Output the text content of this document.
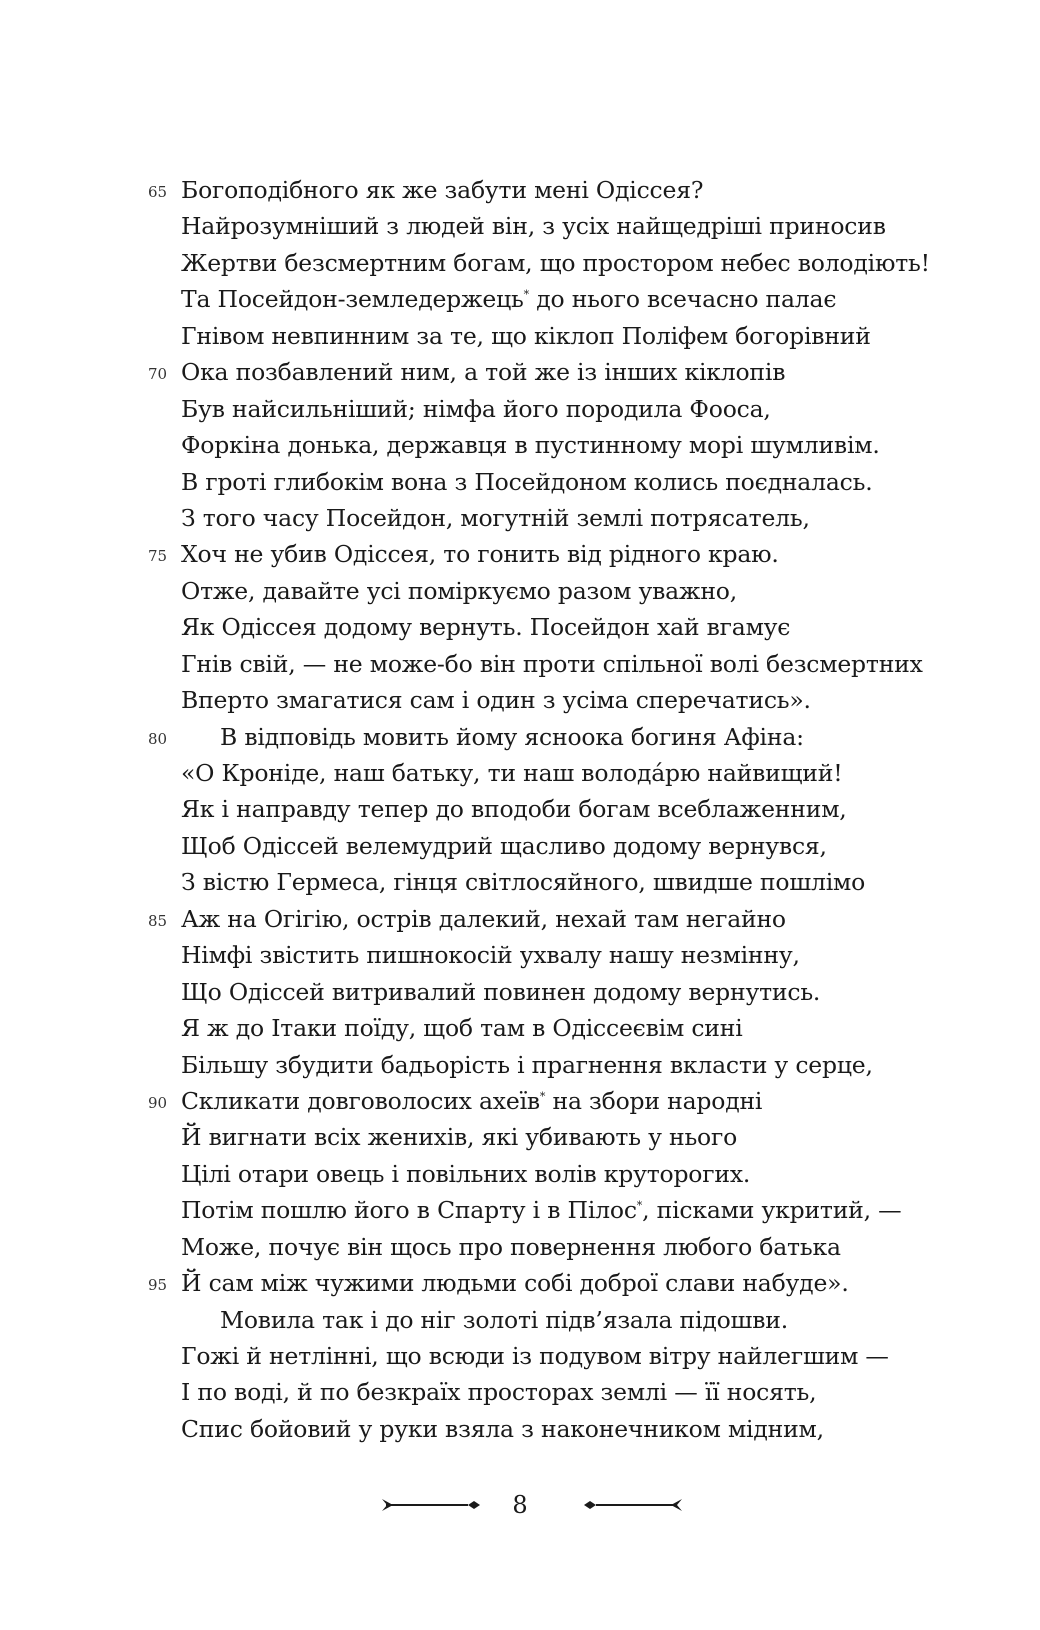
65 Богоподібного як же забути мені Одіссея?
Найрозумніший з людей він, з усіх найщедріші приносив
Жертви безсмертним богам, що простором небес володіють!
Та Посейдон-земледержець* до нього всечасно палає
Гнівом невпинним за те, що кіклоп Поліфем богорівний
70 Ока позбавлений ним, а той же із інших кіклопів
Був найсильніший; німфа його породила Фооса,
Форкіна донька, державця в пустинному морі шумливім.
В гроті глибокім вона з Посейдоном колись поєдналась.
З того часу Посейдон, могутній землі потрясатель,
75 Хоч не убив Одіссея, то гонить від рідного краю.
Отже, давайте усі поміркуємо разом уважно,
Як Одіссея додому вернуть. Посейдон хай вгамує
Гнів свій, — не може-бо він проти спільної волі безсмертних
Вперто змагатися сам і один з усіма сперечатись».
80 В відповідь мовить йому ясноока богиня Афіна:
«О Кроніде, наш батьку, ти наш володáрю найвищий!
Як і направду тепер до вподоби богам всеблаженним,
Щоб Одіссей велемудрий щасливо додому вернувся,
З вістю Гермеса, гінця світлосяйного, швидше пошлімо
85 Аж на Огігію, острів далекий, нехай там негайно
Німфі звістить пишнокосій ухвалу нашу незмінну,
Що Одіссей витривалий повинен додому вернутись.
Я ж до Ітаки поїду, щоб там в Одіссеєвім сині
Більшу збудити бадьорість і прагнення вкласти у серце,
90 Скликати довговолосих ахеїв* на збори народні
Й вигнати всіх женихів, які убивають у нього
Цілі отари овець і повільних волів круторогих.
Потім пошлю його в Спарту і в Пілос*, пісками укритий, —
Може, почує він щось про повернення любого батька
95 Й сам між чужими людьми собі доброї слави набуде».
Мовила так і до ніг золоті підв’язала підошви.
Гожі й нетлінні, що всюди із подувом вітру найлегшим —
І по воді, й по безкраїх просторах землі — її носять,
Спис бойовий у руки взяла з наконечником мідним,
8
